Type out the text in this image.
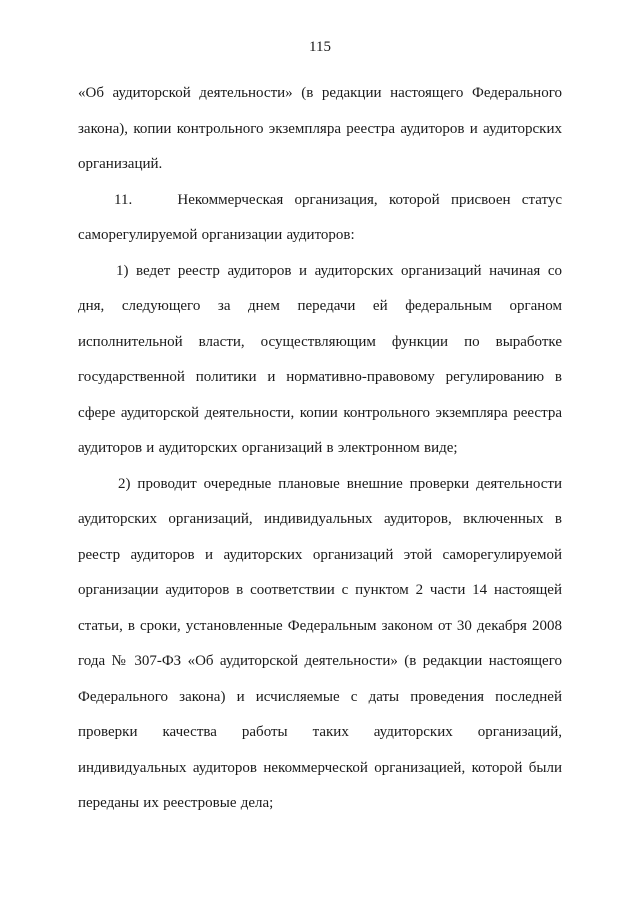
115

«Об аудиторской деятельности» (в редакции настоящего Федерального закона), копии контрольного экземпляра реестра аудиторов и аудиторских организаций.

11.    Некоммерческая организация, которой присвоен статус саморегулируемой организации аудиторов:

1) ведет реестр аудиторов и аудиторских организаций начиная со дня, следующего за днем передачи ей федеральным органом исполнительной власти, осуществляющим функции по выработке государственной политики и нормативно-правовому регулированию в сфере аудиторской деятельности, копии контрольного экземпляра реестра аудиторов и аудиторских организаций в электронном виде;

2) проводит очередные плановые внешние проверки деятельности аудиторских организаций, индивидуальных аудиторов, включенных в реестр аудиторов и аудиторских организаций этой саморегулируемой организации аудиторов в соответствии с пунктом 2 части 14 настоящей статьи, в сроки, установленные Федеральным законом от 30 декабря 2008 года № 307-ФЗ «Об аудиторской деятельности» (в редакции настоящего Федерального закона) и исчисляемые с даты проведения последней проверки качества работы таких аудиторских организаций, индивидуальных аудиторов некоммерческой организацией, которой были переданы их реестровые дела;
